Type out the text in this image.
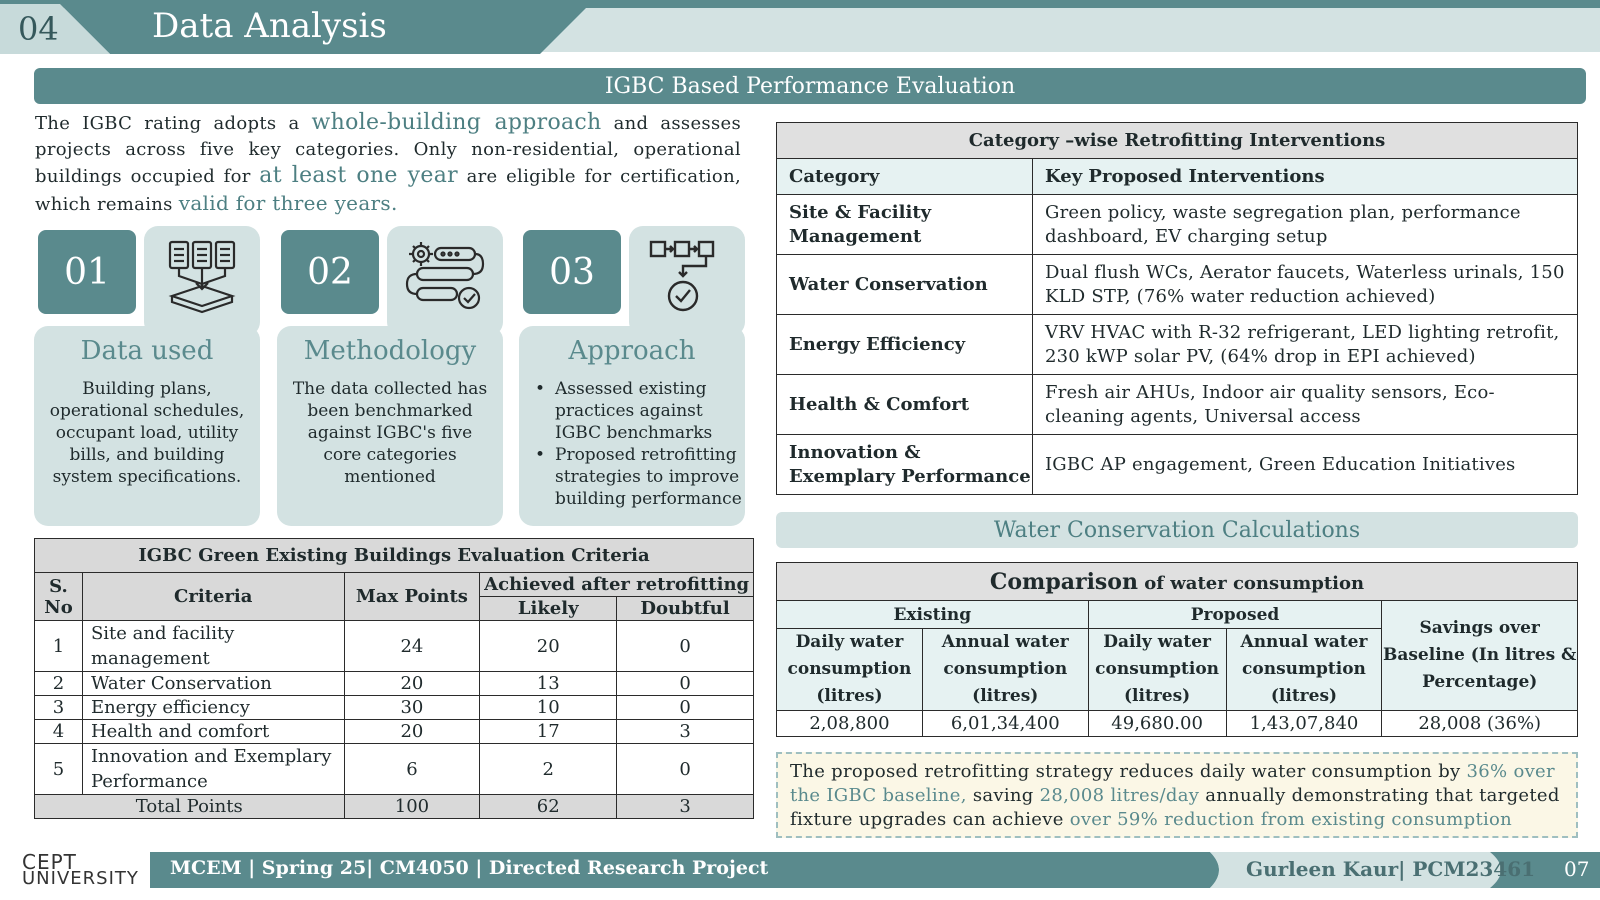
04	Data Analysis
IGBC Based Performance Evaluation
The IGBC rating adopts a whole-building approach and assesses projects across five key categories. Only non-residential, operational buildings occupied for at least one year are eligible for certification, which remains valid for three years.
01
Data used
Building plans, operational schedules, occupant load, utility bills, and building system specifications.
02
Methodology
The data collected has been benchmarked against IGBC's five core categories mentioned
03
Approach
• Assessed existing practices against IGBC benchmarks
• Proposed retrofitting strategies to improve building performance
IGBC Green Existing Buildings Evaluation Criteria				
S. No	Criteria	Max Points	Achieved after retrofitting	
			Likely	Doubtful
1	Site and facility management	24	20	0
2	Water Conservation	20	13	0
3	Energy efficiency	30	10	0
4	Health and comfort	20	17	3
5	Innovation and Exemplary Performance	6	2	0
Total Points		100	62	3
Category –wise Retrofitting Interventions	
Category	Key Proposed Interventions
Site & Facility Management	Green policy, waste segregation plan, performance dashboard, EV charging setup
Water Conservation	Dual flush WCs, Aerator faucets, Waterless urinals, 150 KLD STP, (76% water reduction achieved)
Energy Efficiency	VRV HVAC with R-32 refrigerant, LED lighting retrofit, 230 kWP solar PV, (64% drop in EPI achieved)
Health & Comfort	Fresh air AHUs, Indoor air quality sensors, Eco-cleaning agents, Universal access
Innovation & Exemplary Performance	IGBC AP engagement, Green Education Initiatives
Water Conservation Calculations
Comparison of water consumption				
Existing		Proposed		Savings over Baseline (In litres & Percentage)
Daily water consumption (litres)	Annual water consumption (litres)	Daily water consumption (litres)	Annual water consumption (litres)	
2,08,800	6,01,34,400	49,680.00	1,43,07,840	28,008 (36%)
The proposed retrofitting strategy reduces daily water consumption by 36% over the IGBC baseline, saving 28,008 litres/day annually demonstrating that targeted fixture upgrades can achieve over 59% reduction from existing consumption
CEPT
UNIVERSITY MCEM | Spring 25| CM4050 | Directed Research Project	Gurleen Kaur| PCM23461 07
